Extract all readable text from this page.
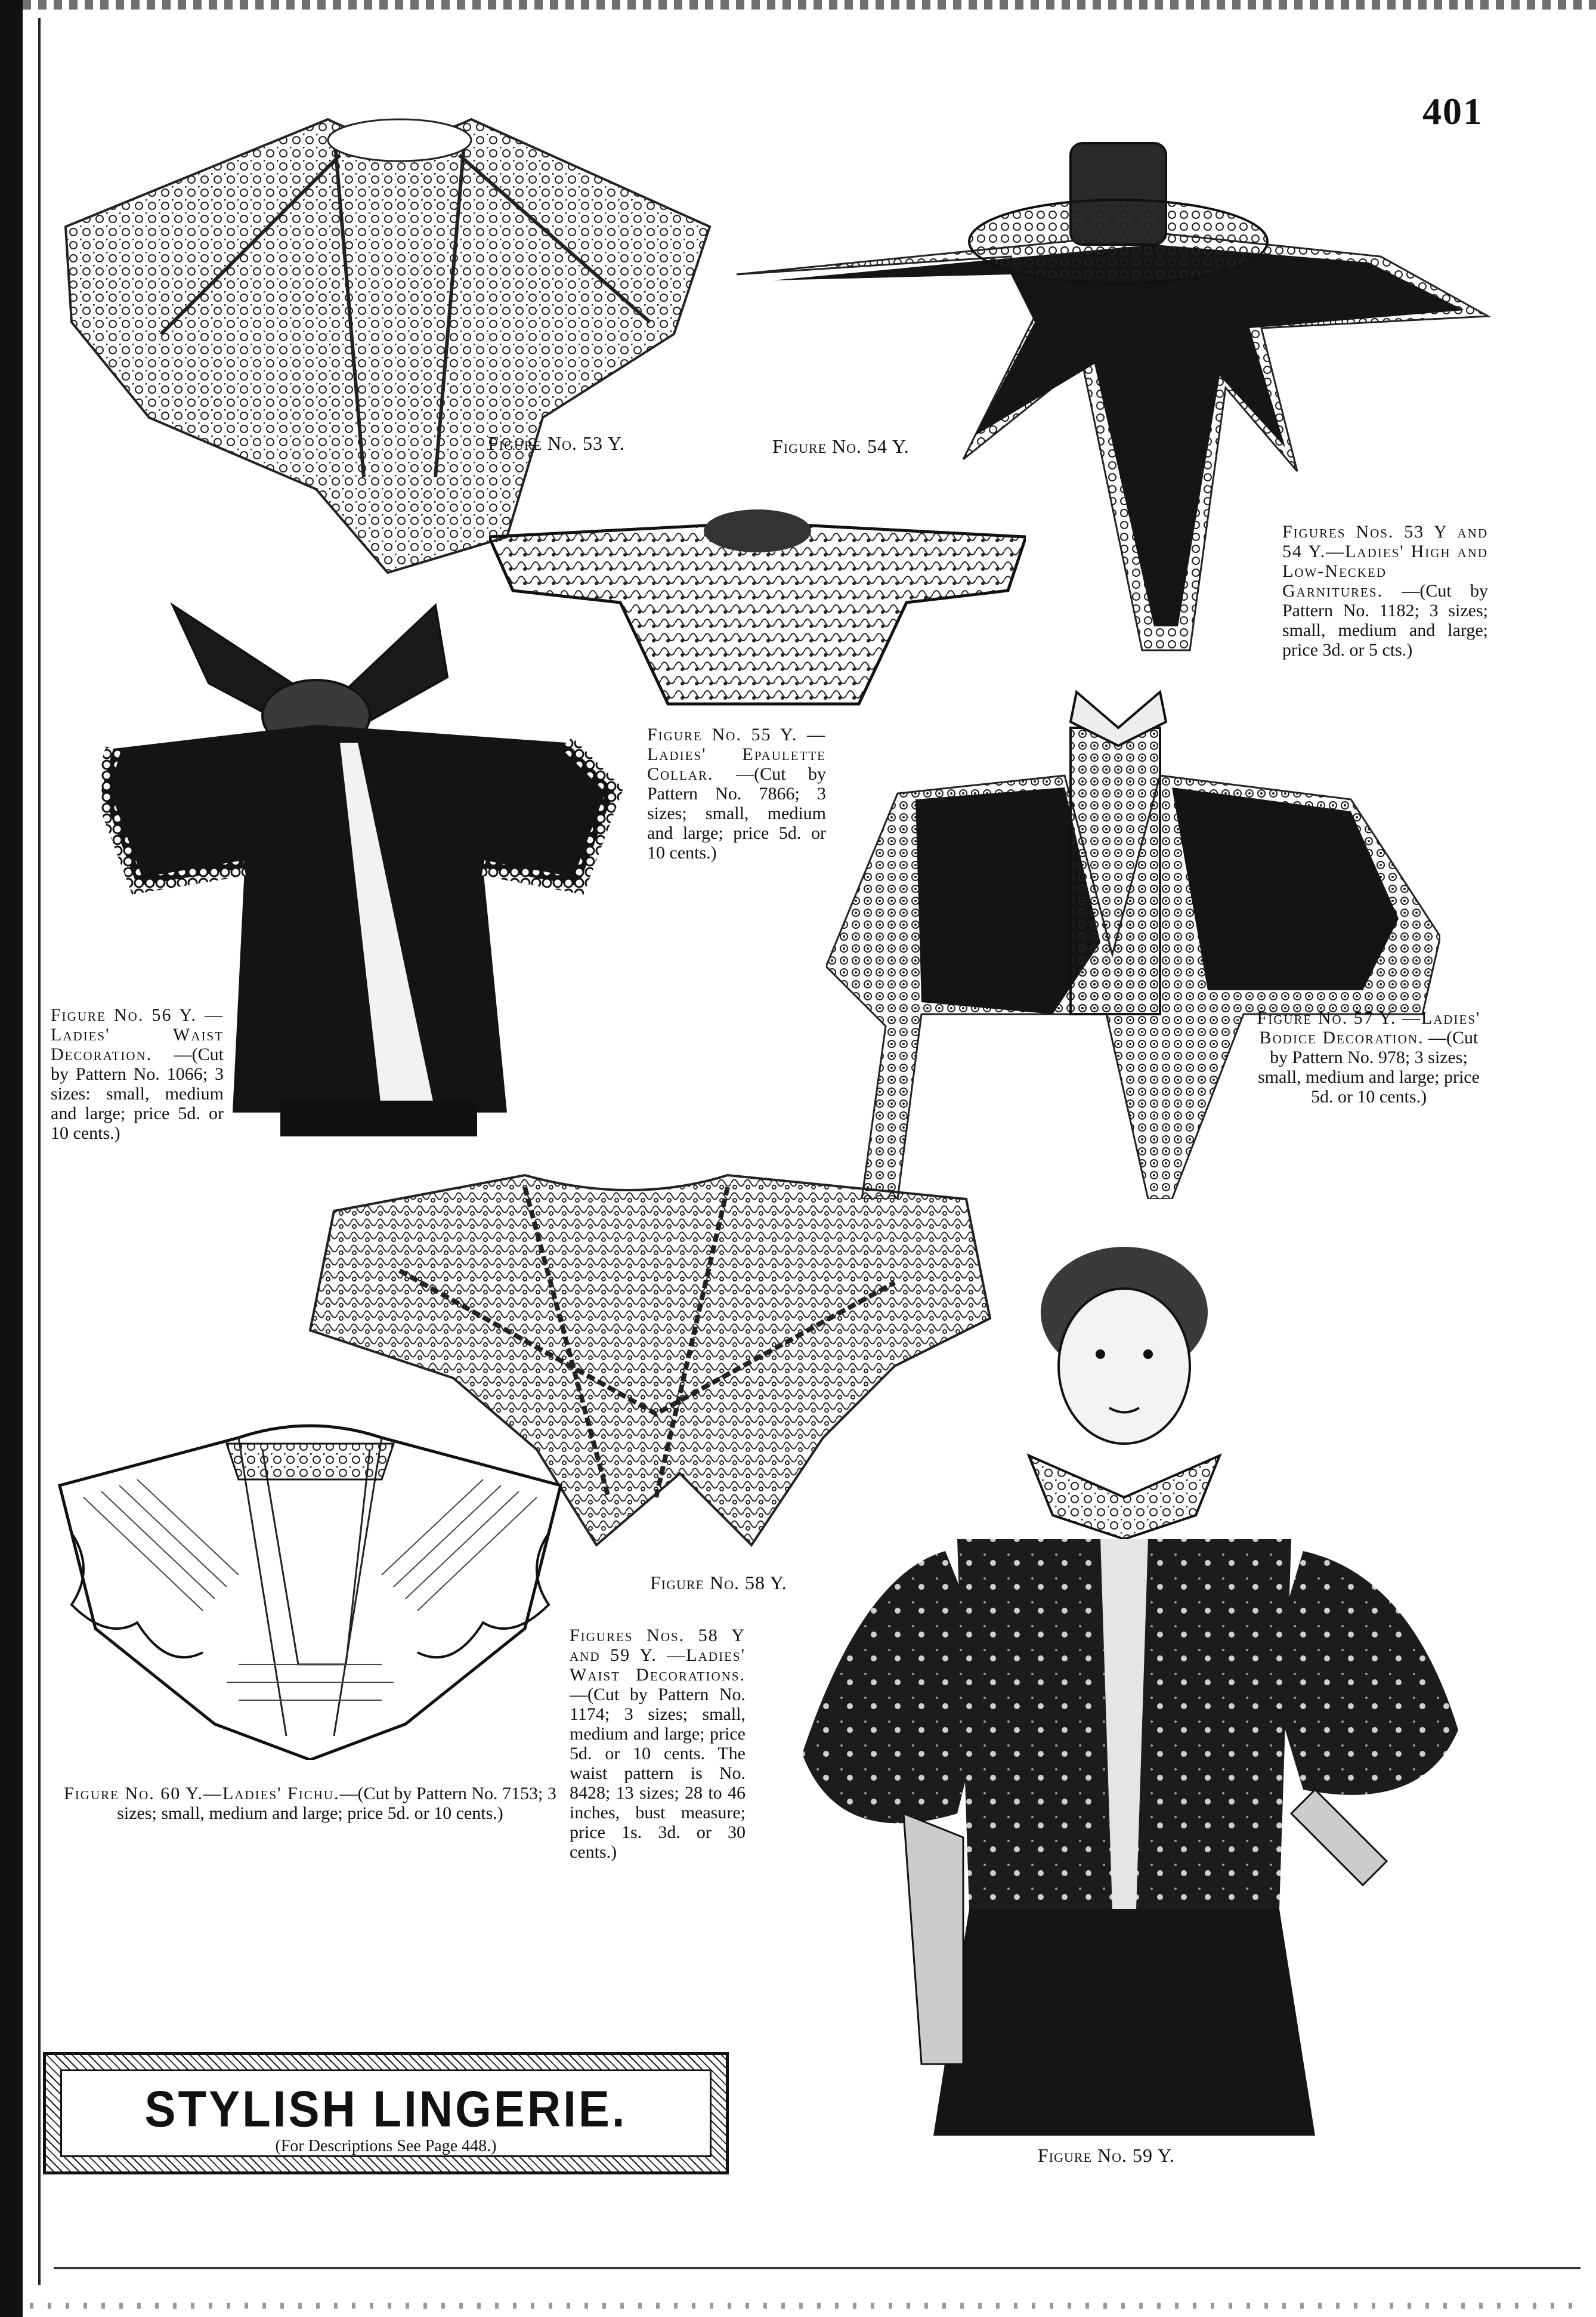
401
Figure No. 53 Y.	Figure No. 54 Y.

Figures Nos. 53 Y and 54 Y.—Ladies' High and Low-Necked Garnitures. —(Cut by Pattern No. 1182; 3 sizes; small, medium and large; price 3d. or 5 cts.)

Figure No. 55 Y. —Ladies' Epaulette Collar. —(Cut by Pattern No. 7866; 3 sizes; small, medium and large; price 5d. or 10 cents.)

Figure No. 56 Y. —Ladies' Waist Decoration. —(Cut by Pattern No. 1066; 3 sizes: small, medium and large; price 5d. or 10 cents.)

Figure No. 57 Y. —Ladies' Bodice Decoration. —(Cut by Pattern No. 978; 3 sizes; small, medium and large; price 5d. or 10 cents.)

Figure No. 58 Y.

Figure No. 60 Y.—Ladies' Fichu.—(Cut by Pattern No. 7153; 3 sizes; small, medium and large; price 5d. or 10 cents.)

Figures Nos. 58 Y and 59 Y. —Ladies' Waist Decorations. —(Cut by Pattern No. 1174; 3 sizes; small, medium and large; price 5d. or 10 cents. The waist pattern is No. 8428; 13 sizes; 28 to 46 inches, bust measure; price 1s. 3d. or 30 cents.)

Figure No. 59 Y.
STYLISH LINGERIE.
(For Descriptions See Page 448.)
